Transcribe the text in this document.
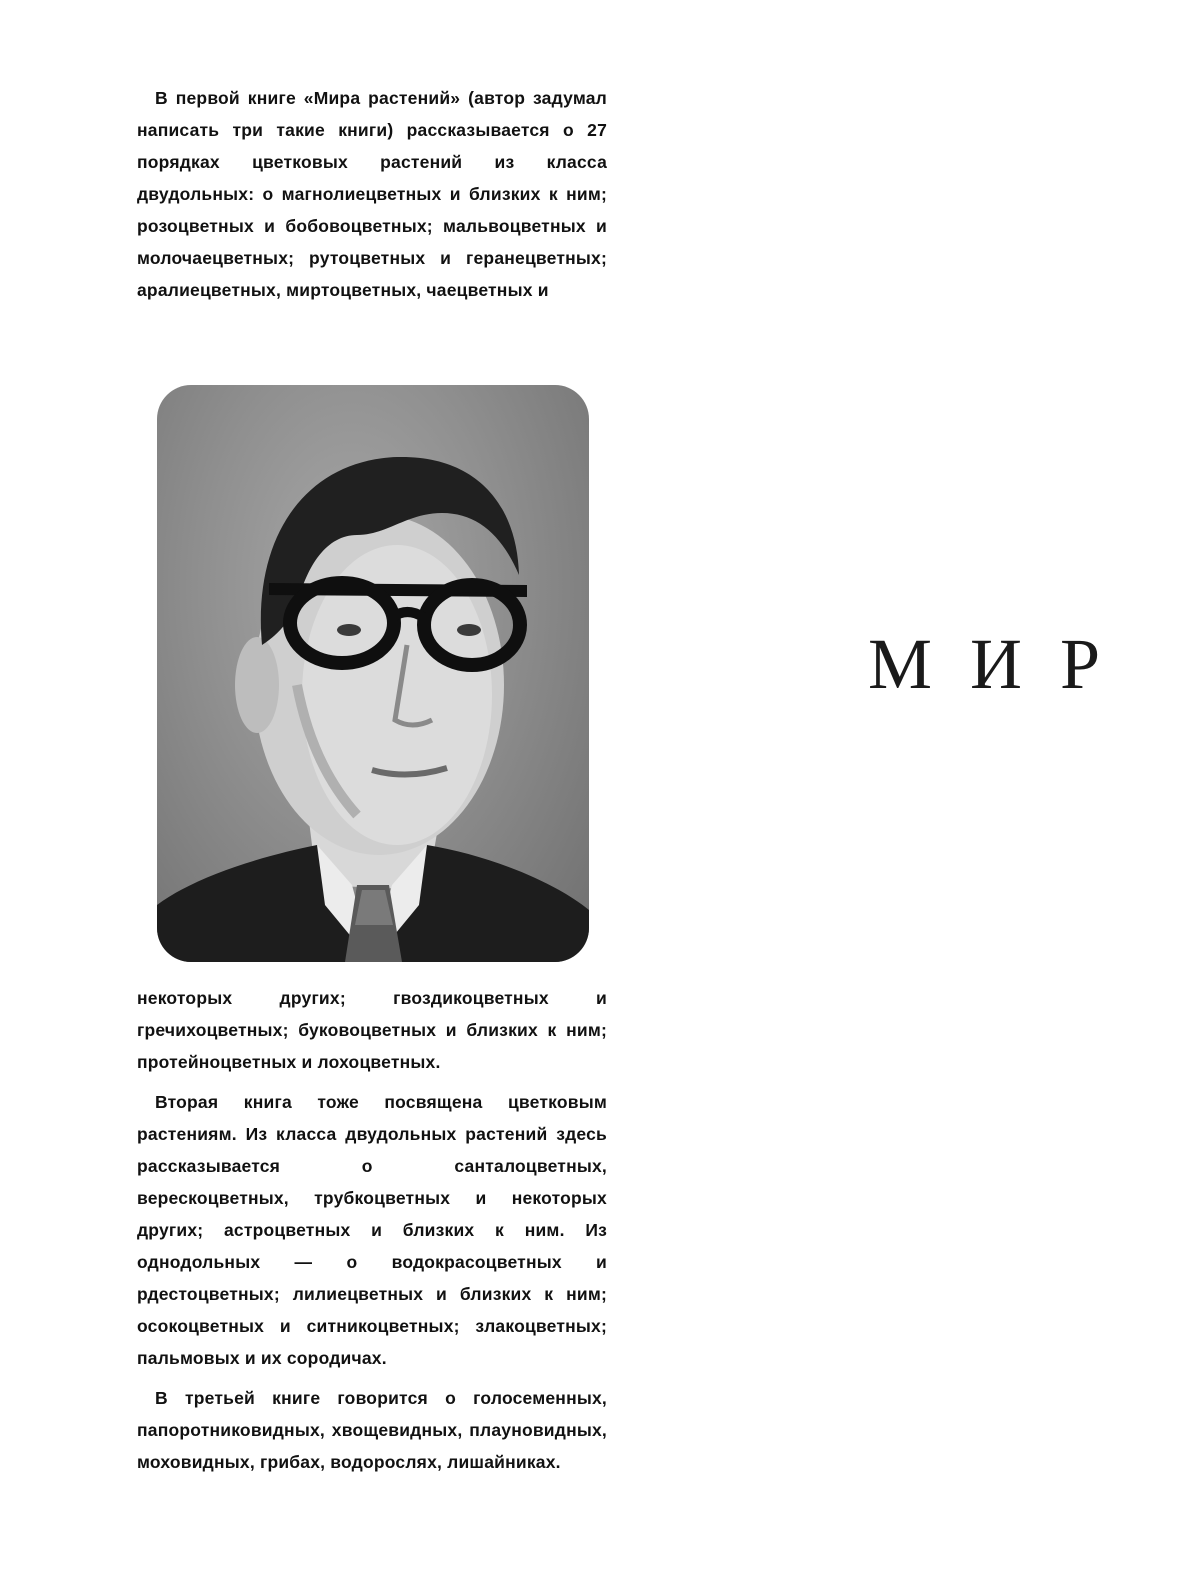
В первой книге «Мира растений» (автор задумал написать три такие книги) рассказывается о 27 порядках цветковых растений из класса двудольных: о магнолиецветных и близких к ним; розоцветных и бобовоцветных; мальвоцветных и молочаецветных; рутоцветных и геранецветных; аралиецветных, миртоцветных, чаецветных и

некоторых других; гвоздикоцветных и гречихоцветных; буковоцветных и близких к ним; протейноцветных и лохоцветных.

Вторая книга тоже посвящена цветковым растениям. Из класса двудольных растений здесь рассказывается о санталоцветных, верескоцветных, трубкоцветных и некоторых других; астроцветных и близких к ним. Из однодольных — о водокрасоцветных и рдестоцветных; лилиецветных и близких к ним; осокоцветных и ситникоцветных; злакоцветных; пальмовых и их сородичах.

В третьей книге говорится о голосеменных, папоротниковидных, хвощевидных, плауновидных, моховидных, грибах, водорослях, лишайниках.

М И Р
